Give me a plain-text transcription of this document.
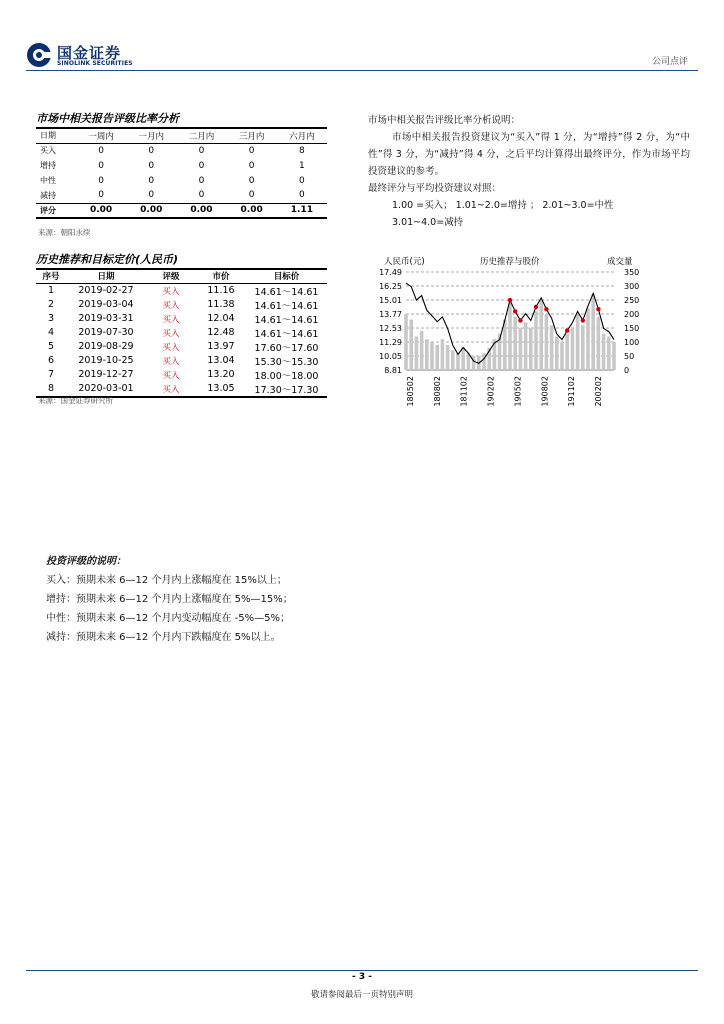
国金证券
SINOLINK SECURITIES	公司点评
市场中相关报告评级比率分析
日期	一周内	一月内	二月内	三月内	六月内
买入	0	0	0	0	8
增持	0	0	0	0	1
中性	0	0	0	0	0
减持	0	0	0	0	0
评分	0.00	0.00	0.00	0.00	1.11
来源：朝阳永续
历史推荐和目标定价(人民币)
序号	日期	评级	市价	目标价
1	2019-02-27	买入	11.16	14.61～14.61
2	2019-03-04	买入	11.38	14.61～14.61
3	2019-03-31	买入	12.04	14.61～14.61
4	2019-07-30	买入	12.48	14.61～14.61
5	2019-08-29	买入	13.97	17.60～17.60
6	2019-10-25	买入	13.04	15.30～15.30
7	2019-12-27	买入	13.20	18.00～18.00
8	2020-03-01	买入	13.05	17.30～17.30
来源：国金证券研究所

市场中相关报告评级比率分析说明：

市场中相关报告投资建议为“买入”得 1 分，为“增持”得 2 分，为“中性”得 3 分，为“减持”得 4 分，之后平均计算得出最终评分，作为市场平均投资建议的参考。

最终评分与平均投资建议对照：

1.00 =买入； 1.01~2.0=增持 ； 2.01~3.0=中性

3.01~4.0=减持

人民币(元)	历史推荐与股价	成交量
17.49
16.25
15.01
13.77
12.53
11.29
10.05
8.81
350
300
250
200
150
100
50
0
180502 180802 181102 190202 190502 190802 191102 200202
投资评级的说明：
买入：预期未来 6—12 个月内上涨幅度在 15%以上；
增持：预期未来 6—12 个月内上涨幅度在 5%—15%；
中性：预期未来 6—12 个月内变动幅度在 -5%—5%；
减持：预期未来 6—12 个月内下跌幅度在 5%以上。
- 3 -
敬请参阅最后一页特别声明
